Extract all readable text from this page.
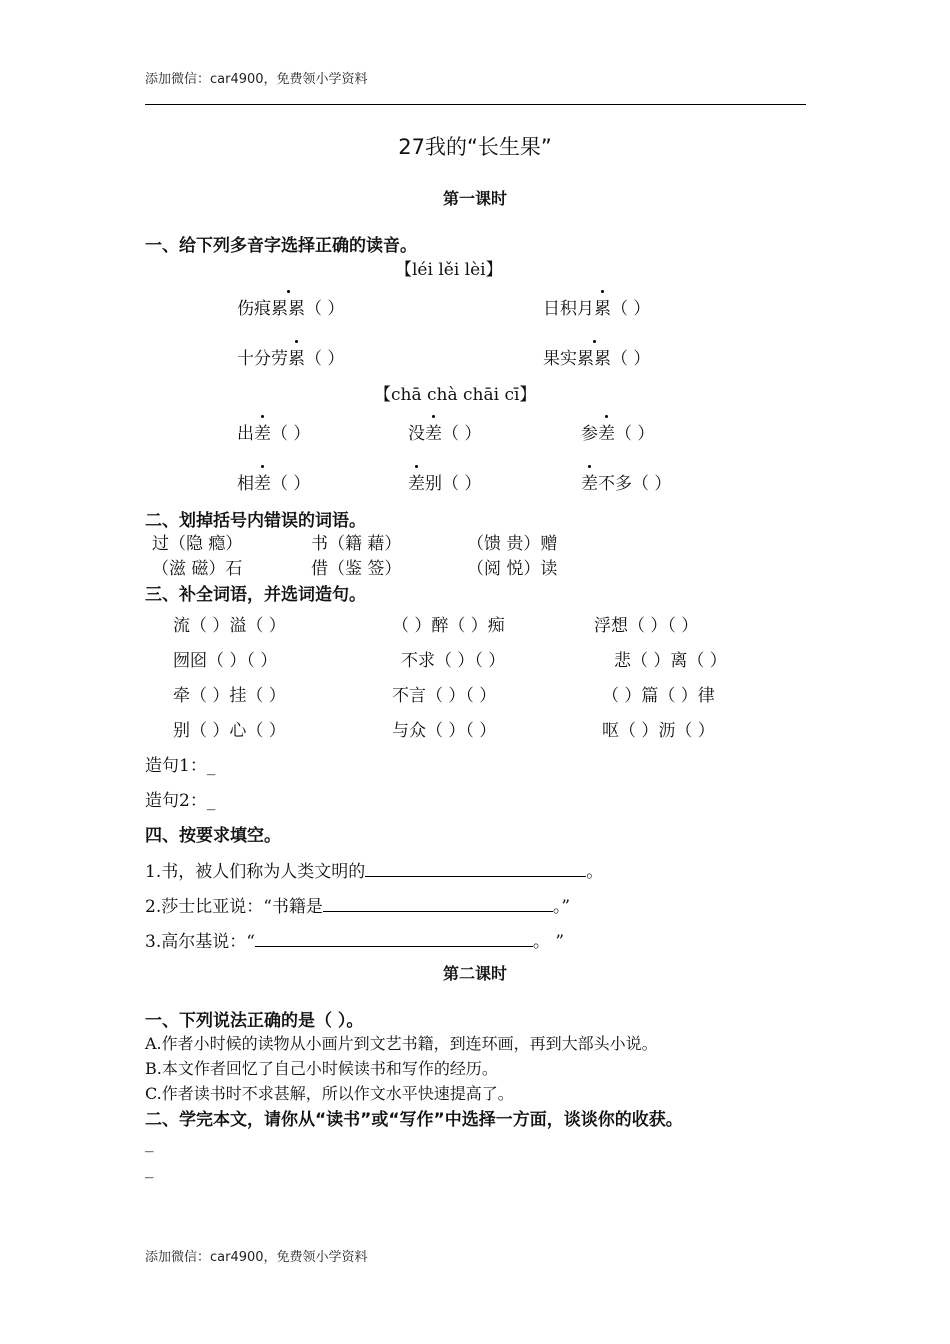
添加微信：car4900，免费领小学资料
27我的“长生果”
第一课时
一、给下列多音字选择正确的读音。
【léi lěi lèi】
伤痕累累（ ）	日积月累（ ）
十分劳累（ ）	果实累累（ ）
【chā chà chāi cī】
出差（ ）	没差（ ）	参差（ ）
相差（ ）	差别（ ）	差不多（ ）
二、划掉括号内错误的词语。
过（隐 瘾）	书（籍 藉）	（馈 贵）赠
（滋 磁）石	借（鉴 签）	（阅 悦）读
三、补全词语，并选词造句。
流（ ）溢（ ）	（ ）醉（ ）痴	浮想（ ）（ ）
囫囵（ ）（ ）	不求（ ）（ ）	悲（ ）离（ ）
牵（ ）挂（ ）	不言（ ）（ ）	（ ）篇（ ）律
别（ ）心（ ）	与众（ ）（ ）	呕（ ）沥（ ）
造句1：_
造句2：_
四、按要求填空。
1.书，被人们称为人类文明的	。
2.莎士比亚说：“书籍是	。”
3.高尔基说：“	。 ”
第二课时
一、下列说法正确的是（ ）。
A.作者小时候的读物从小画片到文艺书籍，到连环画，再到大部头小说。
B.本文作者回忆了自己小时候读书和写作的经历。
C.作者读书时不求甚解，所以作文水平快速提高了。
二、学完本文，请你从“读书”或“写作”中选择一方面，谈谈你的收获。
_
_
添加微信：car4900，免费领小学资料
